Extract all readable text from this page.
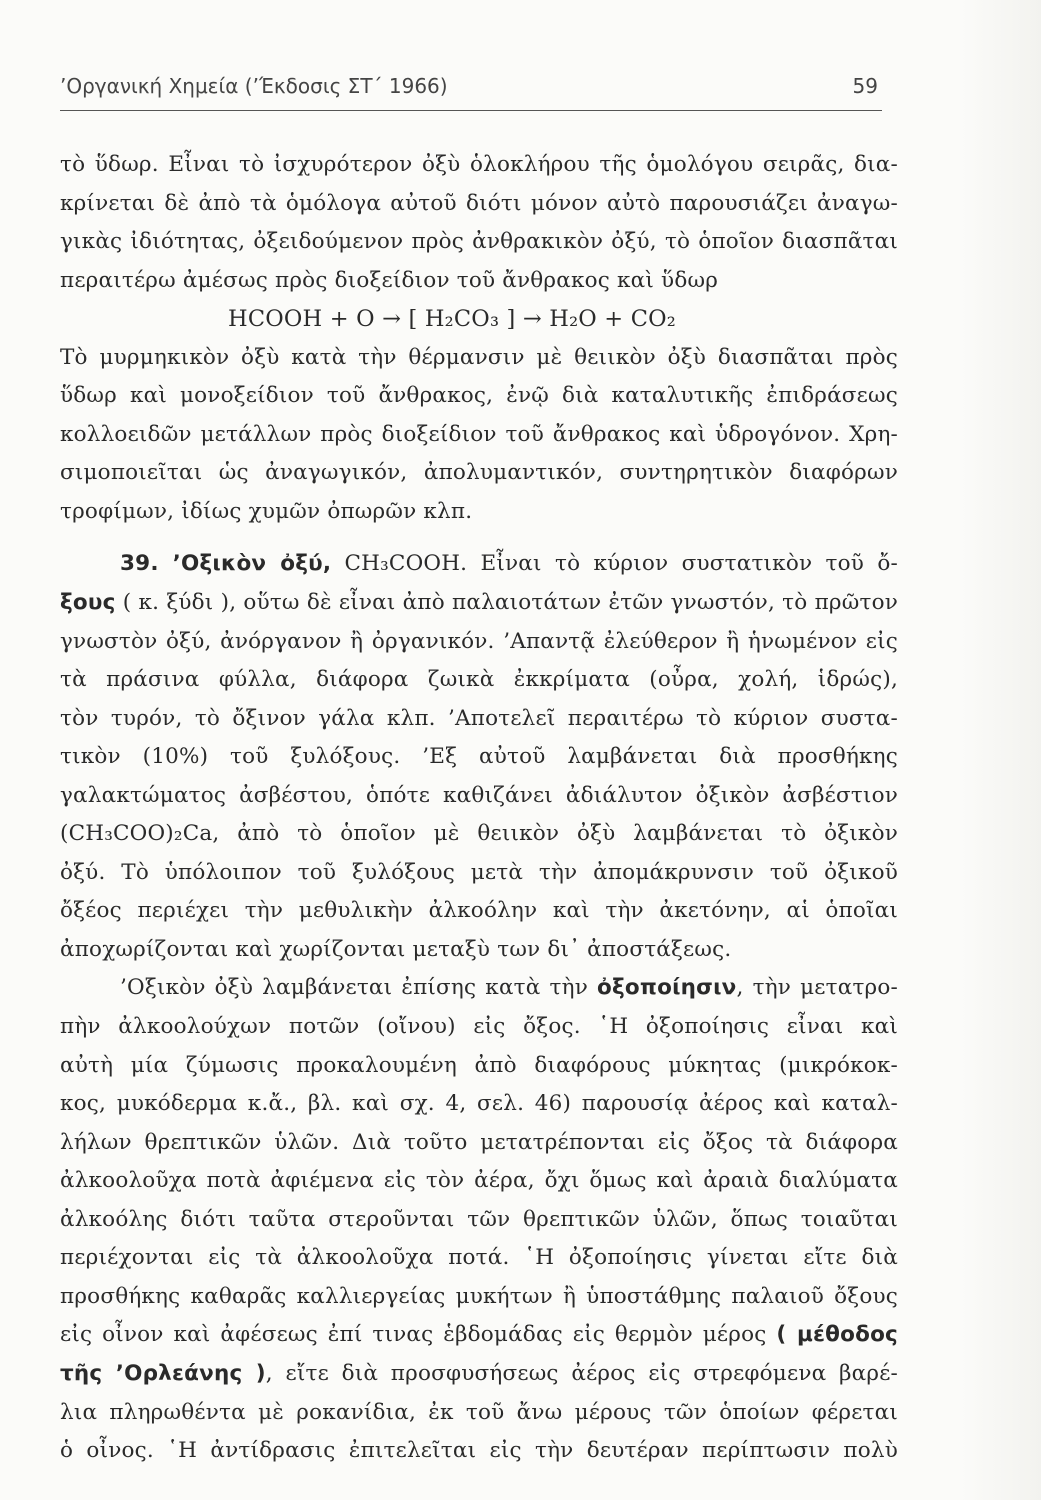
’Οργανική Χημεία (’Έκδοσις ΣΤ΄ 1966)	59
τὸ ὕδωρ. Εἶναι τὸ ἰσχυρότερον ὀξὺ ὁλοκλήρου τῆς ὁμολόγου σειρᾶς, δια-
κρίνεται δὲ ἀπὸ τὰ ὁμόλογα αὐτοῦ διότι μόνον αὐτὸ παρουσιάζει ἀναγω-
γικὰς ἰδιότητας, ὀξειδούμενον πρὸς ἀνθρακικὸν ὀξύ, τὸ ὁποῖον διασπᾶται
περαιτέρω ἀμέσως πρὸς διοξείδιον τοῦ ἄνθρακος καὶ ὕδωρ
HCOOH + O → [ H₂CO₃ ] → H₂O + CO₂
Τὸ μυρμηκικὸν ὀξὺ κατὰ τὴν θέρμανσιν μὲ θειικὸν ὀξὺ διασπᾶται πρὸς
ὕδωρ καὶ μονοξείδιον τοῦ ἄνθρακος, ἐνῷ διὰ καταλυτικῆς ἐπιδράσεως
κολλοειδῶν μετάλλων πρὸς διοξείδιον τοῦ ἄνθρακος καὶ ὑδρογόνον. Χρη-
σιμοποιεῖται ὡς ἀναγωγικόν, ἀπολυμαντικόν, συντηρητικὸν διαφόρων
τροφίμων, ἰδίως χυμῶν ὀπωρῶν κλπ.
39. ’Οξικὸν ὀξύ, CH₃COOH. Εἶναι τὸ κύριον συστατικὸν τοῦ ὄ-
ξους ( κ. ξύδι ), οὕτω δὲ εἶναι ἀπὸ παλαιοτάτων ἐτῶν γνωστόν, τὸ πρῶτον
γνωστὸν ὀξύ, ἀνόργανον ἢ ὀργανικόν. ’Απαντᾷ ἐλεύθερον ἢ ἡνωμένον εἰς
τὰ πράσινα φύλλα, διάφορα ζωικὰ ἐκκρίματα (οὖρα, χολή, ἱδρώς),
τὸν τυρόν, τὸ ὄξινον γάλα κλπ. ’Αποτελεῖ περαιτέρω τὸ κύριον συστα-
τικὸν (10%) τοῦ ξυλόξους. ’Εξ αὐτοῦ λαμβάνεται διὰ προσθήκης
γαλακτώματος ἀσβέστου, ὁπότε καθιζάνει ἀδιάλυτον ὀξικὸν ἀσβέστιον
(CH₃COO)₂Ca, ἀπὸ τὸ ὁποῖον μὲ θειικὸν ὀξὺ λαμβάνεται τὸ ὀξικὸν
ὀξύ. Τὸ ὑπόλοιπον τοῦ ξυλόξους μετὰ τὴν ἀπομάκρυνσιν τοῦ ὀξικοῦ
ὄξέος περιέχει τὴν μεθυλικὴν ἀλκοόλην καὶ τὴν ἀκετόνην, αἱ ὁποῖαι
ἀποχωρίζονται καὶ χωρίζονται μεταξὺ των δι᾿ ἀποστάξεως.
’Οξικὸν ὀξὺ λαμβάνεται ἐπίσης κατὰ τὴν ὀξοποίησιν, τὴν μετατρο-
πὴν ἀλκοολούχων ποτῶν (οἴνου) εἰς ὄξος. ῾Η ὀξοποίησις εἶναι καὶ
αὐτὴ μία ζύμωσις προκαλουμένη ἀπὸ διαφόρους μύκητας (μικρόκοκ-
κος, μυκόδερμα κ.ἄ., βλ. καὶ σχ. 4, σελ. 46) παρουσίᾳ ἀέρος καὶ καταλ-
λήλων θρεπτικῶν ὑλῶν. Διὰ τοῦτο μετατρέπονται εἰς ὄξος τὰ διάφορα
ἀλκοολοῦχα ποτὰ ἀφιέμενα εἰς τὸν ἀέρα, ὄχι ὅμως καὶ ἀραιὰ διαλύματα
ἀλκοόλης διότι ταῦτα στεροῦνται τῶν θρεπτικῶν ὑλῶν, ὅπως τοιαῦται
περιέχονται εἰς τὰ ἀλκοολοῦχα ποτά. ῾Η ὀξοποίησις γίνεται εἴτε διὰ
προσθήκης καθαρᾶς καλλιεργείας μυκήτων ἢ ὑποστάθμης παλαιοῦ ὄξους
εἰς οἶνον καὶ ἀφέσεως ἐπί τινας ἑβδομάδας εἰς θερμὸν μέρος ( μέθοδος
τῆς ’Ορλεάνης ), εἴτε διὰ προσφυσήσεως ἀέρος εἰς στρεφόμενα βαρέ-
λια πληρωθέντα μὲ ροκανίδια, ἐκ τοῦ ἄνω μέρους τῶν ὁποίων φέρεται
ὁ οἶνος. ῾Η ἀντίδρασις ἐπιτελεῖται εἰς τὴν δευτέραν περίπτωσιν πολὺ
